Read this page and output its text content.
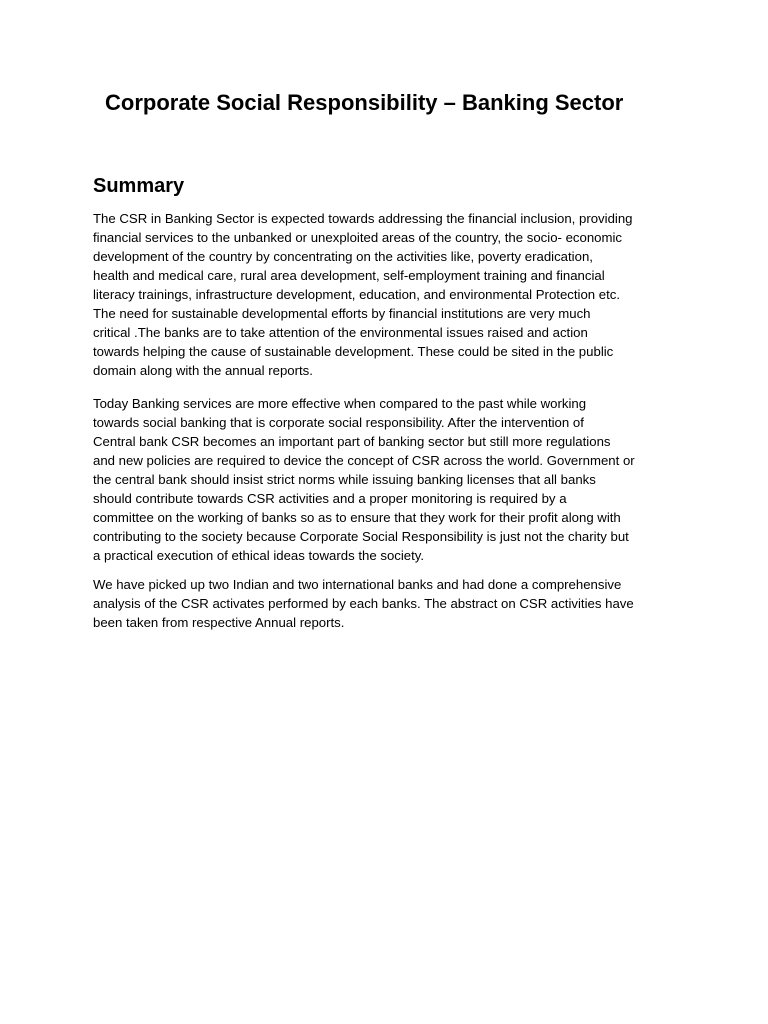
Corporate Social Responsibility – Banking Sector
Summary

The CSR in Banking Sector is expected towards addressing the financial inclusion, providing
financial services to the unbanked or unexploited areas of the country, the socio- economic
development of the country by concentrating on the activities like, poverty eradication,
health and medical care, rural area development, self-employment training and financial
literacy trainings, infrastructure development, education, and environmental Protection etc.
The need for sustainable developmental efforts by financial institutions are very much
critical .The banks are to take attention of the environmental issues raised and action
towards helping the cause of sustainable development. These could be sited in the public
domain along with the annual reports.

Today Banking services are more effective when compared to the past while working
towards social banking that is corporate social responsibility. After the intervention of
Central bank CSR becomes an important part of banking sector but still more regulations
and new policies are required to device the concept of CSR across the world. Government or
the central bank should insist strict norms while issuing banking licenses that all banks
should contribute towards CSR activities and a proper monitoring is required by a
committee on the working of banks so as to ensure that they work for their profit along with
contributing to the society because Corporate Social Responsibility is just not the charity but
a practical execution of ethical ideas towards the society.

We have picked up two Indian and two international banks and had done a comprehensive
analysis of the CSR activates performed by each banks. The abstract on CSR activities have
been taken from respective Annual reports.
